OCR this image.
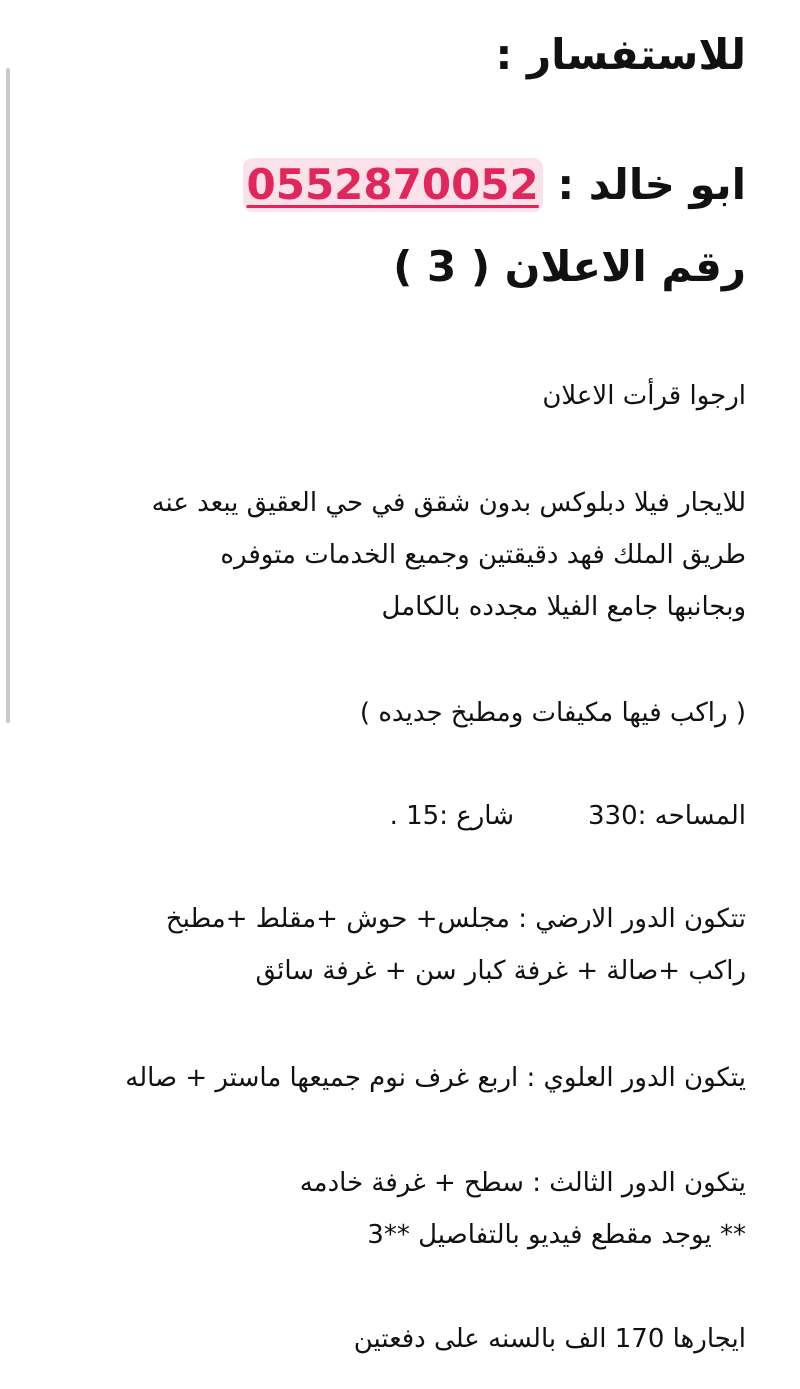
للاستفسار :

ابو خالد : 0552870052

رقم الاعلان ( 3 )

ارجوا قرأت الاعلان

للايجار فيلا دبلوكس بدون شقق في حي العقيق يبعد عنه
طريق الملك فهد دقيقتين وجميع الخدمات متوفره
وبجانبها جامع الفيلا مجدده بالكامل

( راكب فيها مكيفات ومطبخ جديده )

المساحه :330شارع :15 .

تتكون الدور الارضي : مجلس+ حوش +مقلط +مطبخ
راكب +صالة + غرفة كبار سن + غرفة سائق

يتكون الدور العلوي : اربع غرف نوم جميعها ماستر + صاله

يتكون الدور الثالث : سطح + غرفة خادمه
** يوجد مقطع فيديو بالتفاصيل **3

ايجارها 170 الف بالسنه على دفعتين
